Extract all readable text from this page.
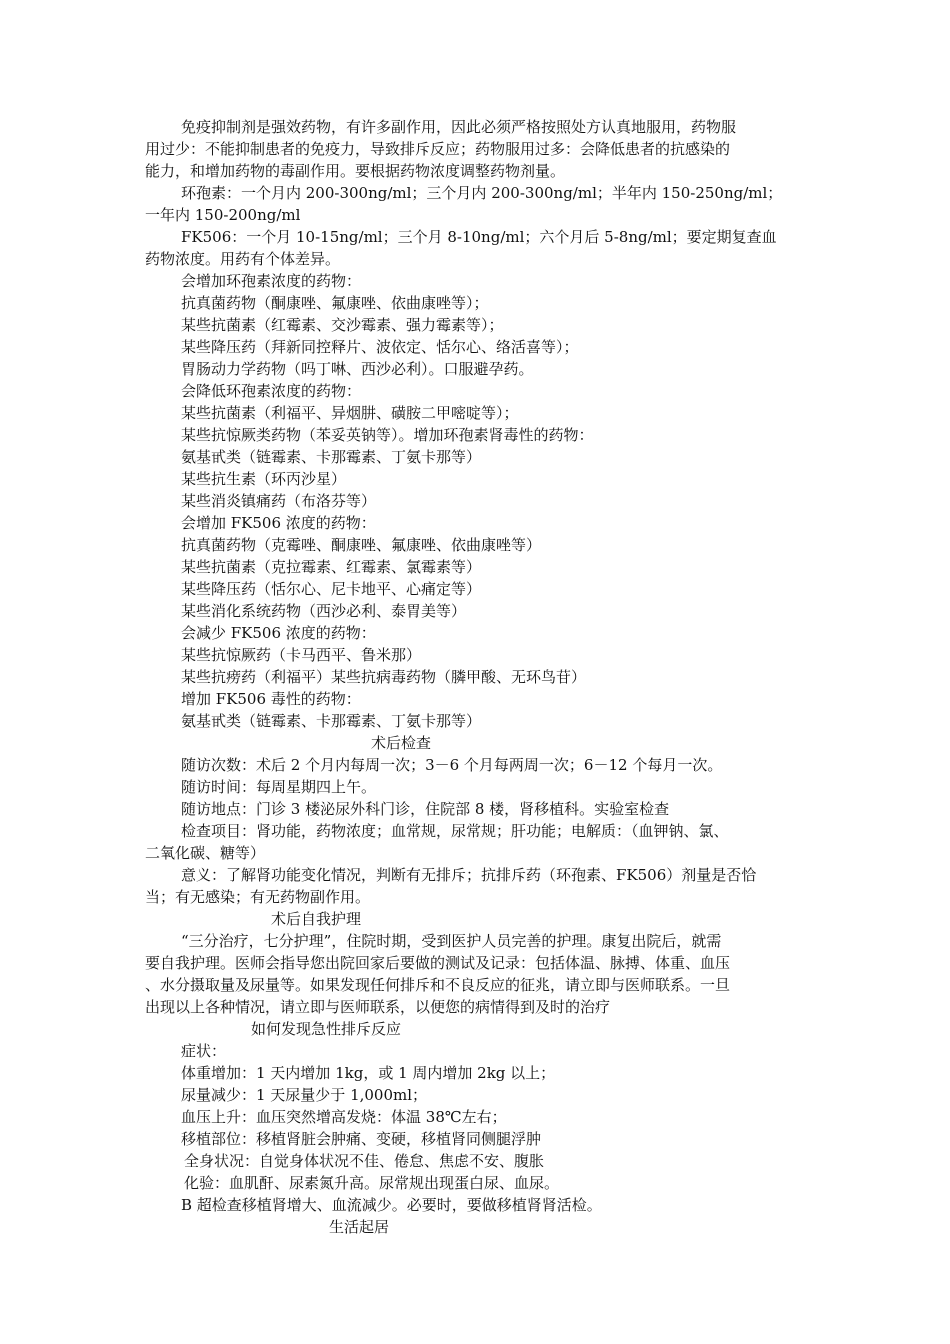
免疫抑制剂是强效药物，有许多副作用，因此必须严格按照处方认真地服用，药物服
用过少：不能抑制患者的免疫力，导致排斥反应；药物服用过多：会降低患者的抗感染的
能力，和增加药物的毒副作用。要根据药物浓度调整药物剂量。
环孢素：一个月内 200-300ng/ml；三个月内 200-300ng/ml；半年内 150-250ng/ml；
一年内 150-200ng/ml
FK506：一个月 10-15ng/ml；三个月 8-10ng/ml；六个月后 5-8ng/ml；要定期复查血
药物浓度。用药有个体差异。
会增加环孢素浓度的药物：
抗真菌药物（酮康唑、氟康唑、依曲康唑等）；
某些抗菌素（红霉素、交沙霉素、强力霉素等）；
某些降压药（拜新同控释片、波依定、恬尔心、络活喜等）；
胃肠动力学药物（吗丁啉、西沙必利）。口服避孕药。
会降低环孢素浓度的药物：
某些抗菌素（利福平、异烟肼、磺胺二甲嘧啶等）；
某些抗惊厥类药物（苯妥英钠等）。增加环孢素肾毒性的药物：
氨基甙类（链霉素、卡那霉素、丁氨卡那等）
某些抗生素（环丙沙星）
某些消炎镇痛药（布洛芬等）
会增加 FK506 浓度的药物：
抗真菌药物（克霉唑、酮康唑、氟康唑、依曲康唑等）
某些抗菌素（克拉霉素、红霉素、氯霉素等）
某些降压药（恬尔心、尼卡地平、心痛定等）
某些消化系统药物（西沙必利、泰胃美等）
会减少 FK506 浓度的药物：
某些抗惊厥药（卡马西平、鲁米那）
某些抗痨药（利福平）某些抗病毒药物（膦甲酸、无环鸟苷）
增加 FK506 毒性的药物：
氨基甙类（链霉素、卡那霉素、丁氨卡那等）
术后检查
随访次数：术后 2 个月内每周一次；3－6 个月每两周一次；6－12 个每月一次。
随访时间：每周星期四上午。
随访地点：门诊 3 楼泌尿外科门诊，住院部 8 楼，肾移植科。实验室检查
检查项目：肾功能，药物浓度；血常规，尿常规；肝功能；电解质：（血钾钠、氯、
二氧化碳、糖等）
意义：了解肾功能变化情况，判断有无排斥；抗排斥药（环孢素、FK506）剂量是否恰
当；有无感染；有无药物副作用。
术后自我护理
“三分治疗，七分护理”，住院时期，受到医护人员完善的护理。康复出院后，就需
要自我护理。医师会指导您出院回家后要做的测试及记录：包括体温、脉搏、体重、血压
、水分摄取量及尿量等。如果发现任何排斥和不良反应的征兆，请立即与医师联系。一旦
出现以上各种情况，请立即与医师联系，以便您的病情得到及时的治疗
如何发现急性排斥反应
症状：
体重增加：1 天内增加 1kg，或 1 周内增加 2kg 以上；
尿量减少：1 天尿量少于 1,000ml；
血压上升：血压突然增高发烧：体温 38℃左右；
移植部位：移植肾脏会肿痛、变硬，移植肾同侧腿浮肿
全身状况：自觉身体状况不佳、倦怠、焦虑不安、腹胀
化验：血肌酐、尿素氮升高。尿常规出现蛋白尿、血尿。
B 超检查移植肾增大、血流减少。必要时，要做移植肾肾活检。
生活起居
